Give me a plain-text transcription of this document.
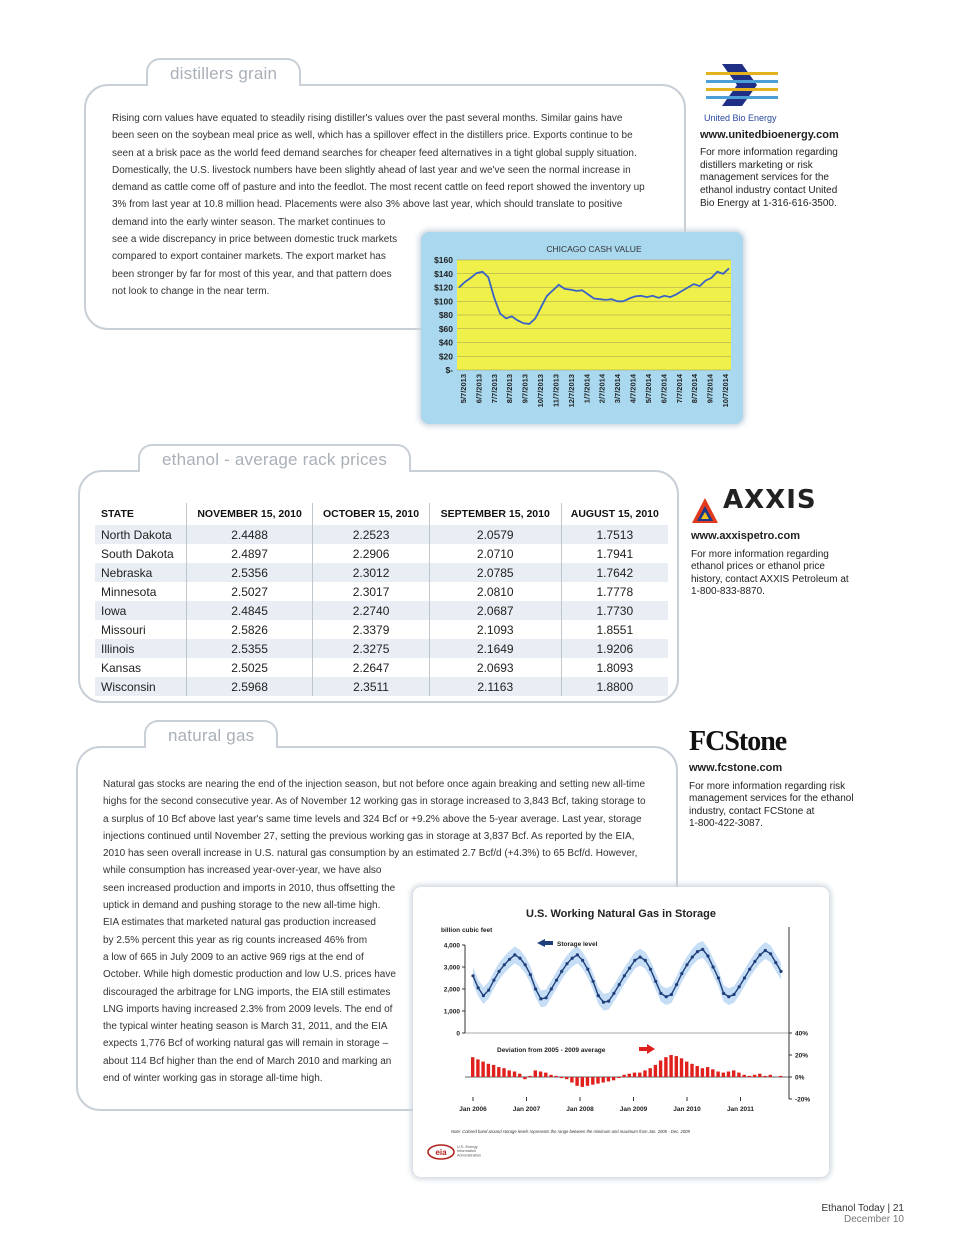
distillers grain
Rising corn values have equated to steadily rising distiller's values over the past several months. Similar gains have
been seen on the soybean meal price as well, which has a spillover effect in the distillers price. Exports continue to be
seen at a brisk pace as the world feed demand searches for cheaper feed alternatives in a tight global supply situation.
Domestically, the U.S. livestock numbers have been slightly ahead of last year and we've seen the normal increase in
demand as cattle come off of pasture and into the feedlot. The most recent cattle on feed report showed the inventory up
3% from last year at 10.8 million head. Placements were also 3% above last year, which should translate to positive
demand into the early winter season. The market continues to
see a wide discrepancy in price between domestic truck markets
compared to export container markets. The export market has
been stronger by far for most of this year, and that pattern does
not look to change in the near term.
CHICAGO CASH VALUE
$160
$140
$120
$100
$80
$60
$40
$20
$-
5/7/2013 6/7/2013 7/7/2013 8/7/2013 9/7/2013 10/7/2013 11/7/2013 12/7/2013 1/7/2014 2/7/2014 3/7/2014 4/7/2014 5/7/2014 6/7/2014 7/7/2014 8/7/2014 9/7/2014 10/7/2014
United Bio Energy
www.unitedbioenergy.com
For more information regarding
distillers marketing or risk
management services for the
ethanol industry contact United
Bio Energy at 1-316-616-3500.
ethanol - average rack prices
STATE	NOVEMBER 15, 2010	OCTOBER 15, 2010	SEPTEMBER 15, 2010	AUGUST 15, 2010
North Dakota	2.4488	2.2523	2.0579	1.7513
South Dakota	2.4897	2.2906	2.0710	1.7941
Nebraska	2.5356	2.3012	2.0785	1.7642
Minnesota	2.5027	2.3017	2.0810	1.7778
Iowa	2.4845	2.2740	2.0687	1.7730
Missouri	2.5826	2.3379	2.1093	1.8551
Illinois	2.5355	2.3275	2.1649	1.9206
Kansas	2.5025	2.2647	2.0693	1.8093
Wisconsin	2.5968	2.3511	2.1163	1.8800
AXXIS
www.axxispetro.com
For more information regarding
ethanol prices or ethanol price
history, contact AXXIS Petroleum at
1-800-833-8870.
natural gas
Natural gas stocks are nearing the end of the injection season, but not before once again breaking and setting new all-time
highs for the second consecutive year. As of November 12 working gas in storage increased to 3,843 Bcf, taking storage to
a surplus of 10 Bcf above last year's same time levels and 324 Bcf or +9.2% above the 5-year average. Last year, storage
injections continued until November 27, setting the previous working gas in storage at 3,837 Bcf. As reported by the EIA,
2010 has seen overall increase in U.S. natural gas consumption by an estimated 2.7 Bcf/d (+4.3%) to 65 Bcf/d. However,
while consumption has increased year-over-year, we have also
seen increased production and imports in 2010, thus offsetting the
uptick in demand and pushing storage to the new all-time high.
EIA estimates that marketed natural gas production increased
by 2.5% percent this year as rig counts increased 46% from
a low of 665 in July 2009 to an active 969 rigs at the end of
October. While high domestic production and low U.S. prices have
discouraged the arbitrage for LNG imports, the EIA still estimates
LNG imports having increased 2.3% from 2009 levels. The end of
the typical winter heating season is March 31, 2011, and the EIA
expects 1,776 Bcf of working natural gas will remain in storage –
about 114 Bcf higher than the end of March 2010 and marking an
end of winter working gas in storage all-time high.
U.S. Working Natural Gas in Storage
billion cubic feet
4,000
3,000
2,000
1,000
0	40%
20%
0%
-20%
Storage level
Deviation from 2005 - 2009 average
Jan 2006	Jan 2007	Jan 2008	Jan 2009	Jan 2010	Jan 2011
Note: Colored band around storage levels represents the range between the minimum and maximum from Jan. 2005 - Dec. 2009
eia
U.S. Energy
Information
Administration
FCStone
www.fcstone.com
For more information regarding risk
management services for the ethanol
industry, contact FCStone at
1-800-422-3087.
Ethanol Today | 21
December 10
